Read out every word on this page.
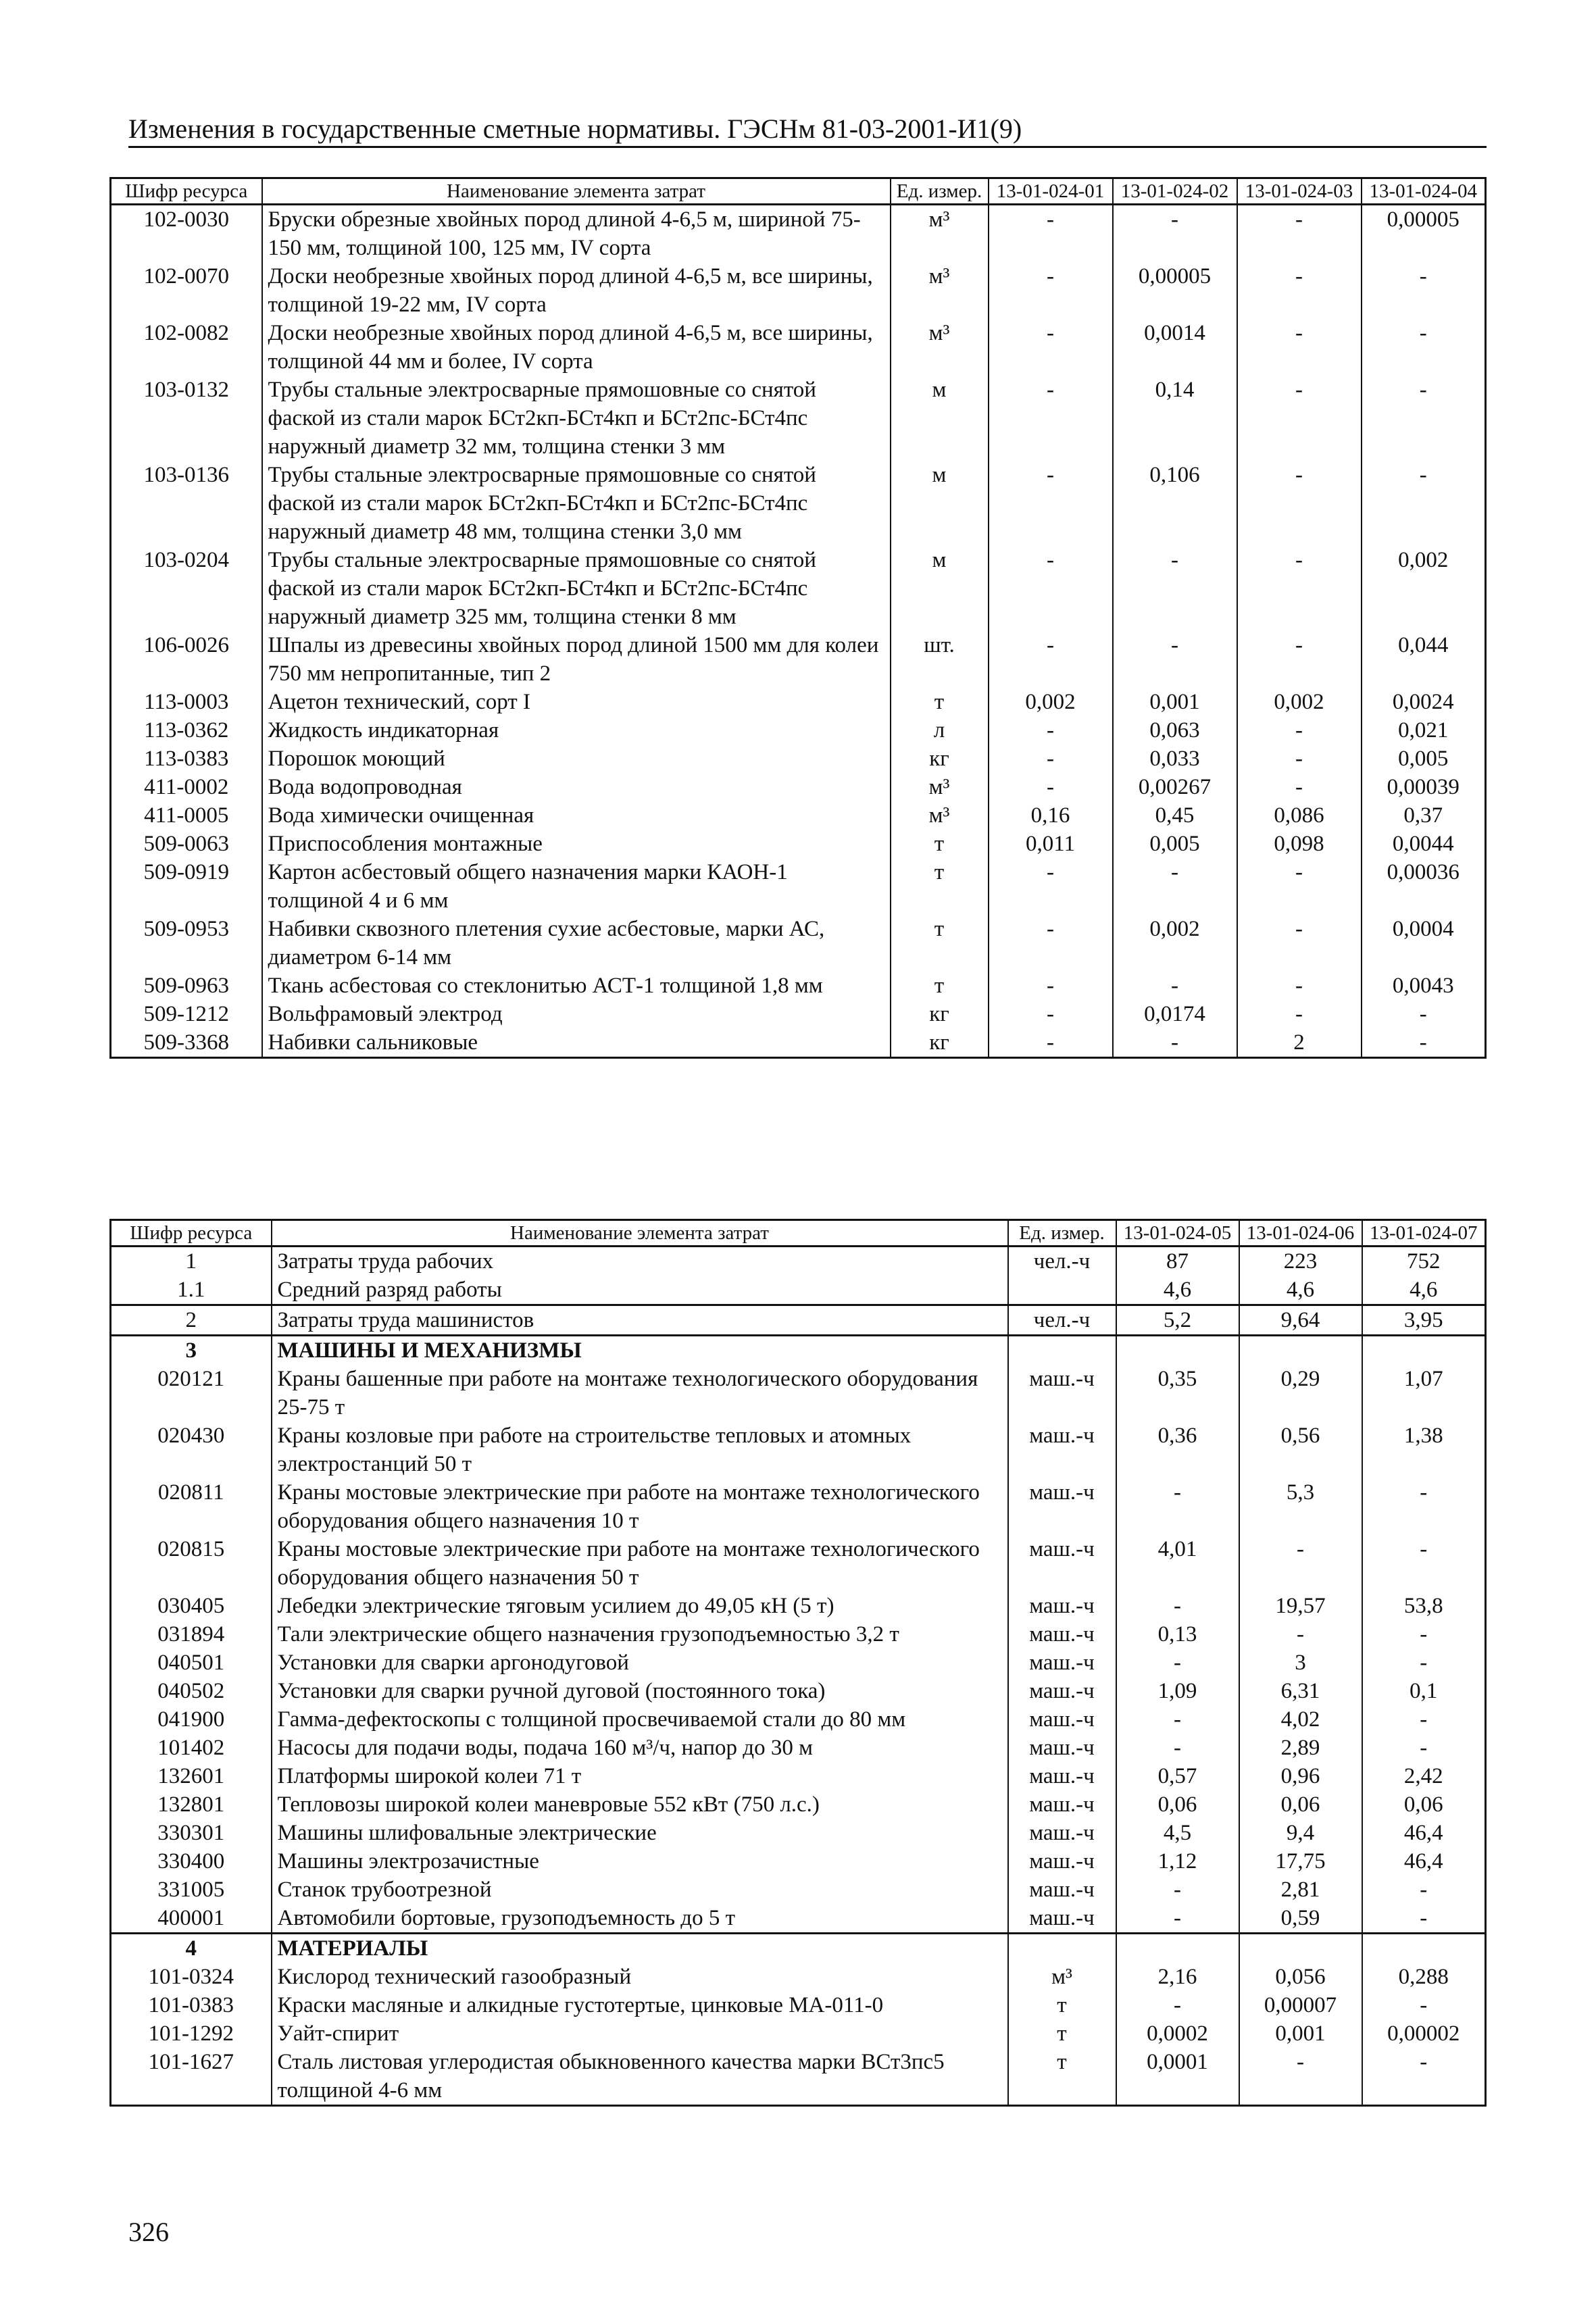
Изменения в государственные сметные нормативы. ГЭСНм 81-03-2001-И1(9)
Шифр ресурса	Наименование элемента затрат	Ед. измер.	13-01-024-01	13-01-024-02	13-01-024-03	13-01-024-04
102-0030	Бруски обрезные хвойных пород длиной 4-6,5 м, шириной 75-150 мм, толщиной 100, 125 мм, IV сорта	м³	-	-	-	0,00005
102-0070	Доски необрезные хвойных пород длиной 4-6,5 м, все ширины, толщиной 19-22 мм, IV сорта	м³	-	0,00005	-	-
102-0082	Доски необрезные хвойных пород длиной 4-6,5 м, все ширины, толщиной 44 мм и более, IV сорта	м³	-	0,0014	-	-
103-0132	Трубы стальные электросварные прямошовные со снятой фаской из стали марок БСт2кп-БСт4кп и БСт2пс-БСт4пс наружный диаметр 32 мм, толщина стенки 3 мм	м	-	0,14	-	-
103-0136	Трубы стальные электросварные прямошовные со снятой фаской из стали марок БСт2кп-БСт4кп и БСт2пс-БСт4пс наружный диаметр 48 мм, толщина стенки 3,0 мм	м	-	0,106	-	-
103-0204	Трубы стальные электросварные прямошовные со снятой фаской из стали марок БСт2кп-БСт4кп и БСт2пс-БСт4пс наружный диаметр 325 мм, толщина стенки 8 мм	м	-	-	-	0,002
106-0026	Шпалы из древесины хвойных пород длиной 1500 мм для колеи 750 мм непропитанные, тип 2	шт.	-	-	-	0,044
113-0003	Ацетон технический, сорт I	т	0,002	0,001	0,002	0,0024
113-0362	Жидкость индикаторная	л	-	0,063	-	0,021
113-0383	Порошок моющий	кг	-	0,033	-	0,005
411-0002	Вода водопроводная	м³	-	0,00267	-	0,00039
411-0005	Вода химически очищенная	м³	0,16	0,45	0,086	0,37
509-0063	Приспособления монтажные	т	0,011	0,005	0,098	0,0044
509-0919	Картон асбестовый общего назначения марки КАОН-1 толщиной 4 и 6 мм	т	-	-	-	0,00036
509-0953	Набивки сквозного плетения сухие асбестовые, марки АС, диаметром 6-14 мм	т	-	0,002	-	0,0004
509-0963	Ткань асбестовая со стеклонитью АСТ-1 толщиной 1,8 мм	т	-	-	-	0,0043
509-1212	Вольфрамовый электрод	кг	-	0,0174	-	-
509-3368	Набивки сальниковые	кг	-	-	2	-
Шифр ресурса	Наименование элемента затрат	Ед. измер.	13-01-024-05	13-01-024-06	13-01-024-07
1	Затраты труда рабочих	чел.-ч	87	223	752
1.1	Средний разряд работы		4,6	4,6	4,6
2	Затраты труда машинистов	чел.-ч	5,2	9,64	3,95
3	МАШИНЫ И МЕХАНИЗМЫ				
020121	Краны башенные при работе на монтаже технологического оборудования 25-75 т	маш.-ч	0,35	0,29	1,07
020430	Краны козловые при работе на строительстве тепловых и атомных электростанций 50 т	маш.-ч	0,36	0,56	1,38
020811	Краны мостовые электрические при работе на монтаже технологического оборудования общего назначения 10 т	маш.-ч	-	5,3	-
020815	Краны мостовые электрические при работе на монтаже технологического оборудования общего назначения 50 т	маш.-ч	4,01	-	-
030405	Лебедки электрические тяговым усилием до 49,05 кН (5 т)	маш.-ч	-	19,57	53,8
031894	Тали электрические общего назначения грузоподъемностью 3,2 т	маш.-ч	0,13	-	-
040501	Установки для сварки аргонодуговой	маш.-ч	-	3	-
040502	Установки для сварки ручной дуговой (постоянного тока)	маш.-ч	1,09	6,31	0,1
041900	Гамма-дефектоскопы с толщиной просвечиваемой стали до 80 мм	маш.-ч	-	4,02	-
101402	Насосы для подачи воды, подача 160 м³/ч, напор до 30 м	маш.-ч	-	2,89	-
132601	Платформы широкой колеи 71 т	маш.-ч	0,57	0,96	2,42
132801	Тепловозы широкой колеи маневровые 552 кВт (750 л.с.)	маш.-ч	0,06	0,06	0,06
330301	Машины шлифовальные электрические	маш.-ч	4,5	9,4	46,4
330400	Машины электрозачистные	маш.-ч	1,12	17,75	46,4
331005	Станок трубоотрезной	маш.-ч	-	2,81	-
400001	Автомобили бортовые, грузоподъемность до 5 т	маш.-ч	-	0,59	-
4	МАТЕРИАЛЫ				
101-0324	Кислород технический газообразный	м³	2,16	0,056	0,288
101-0383	Краски масляные и алкидные густотертые, цинковые МА-011-0	т	-	0,00007	-
101-1292	Уайт-спирит	т	0,0002	0,001	0,00002
101-1627	Сталь листовая углеродистая обыкновенного качества марки ВСт3пс5 толщиной 4-6 мм	т	0,0001	-	-
326
